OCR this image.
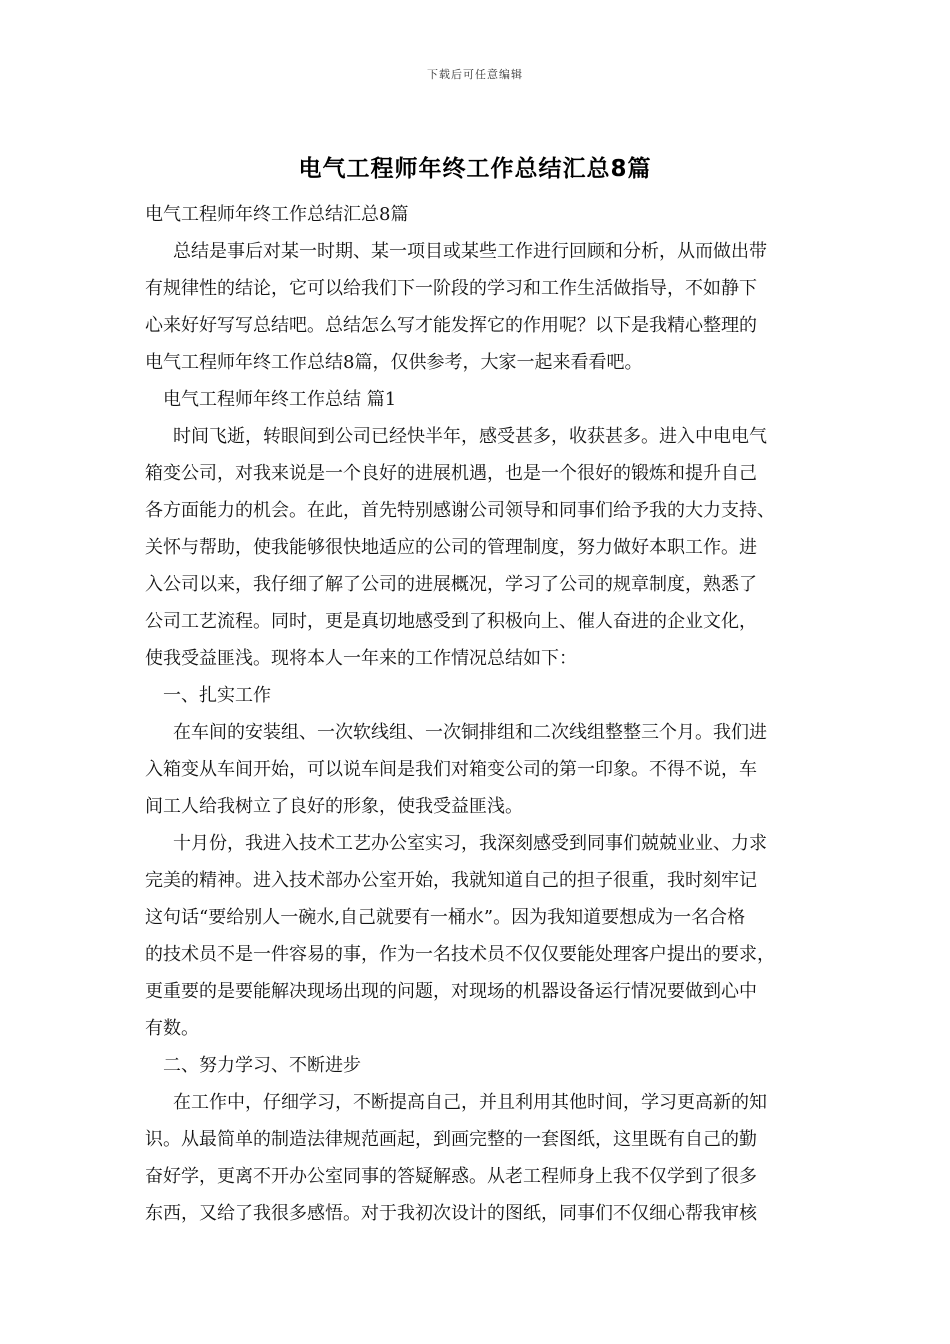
下载后可任意编辑
电气工程师年终工作总结汇总8篇
电气工程师年终工作总结汇总8篇
总结是事后对某一时期、某一项目或某些工作进行回顾和分析，从而做出带
有规律性的结论，它可以给我们下一阶段的学习和工作生活做指导，不如静下
心来好好写写总结吧。总结怎么写才能发挥它的作用呢？以下是我精心整理的
电气工程师年终工作总结8篇，仅供参考，大家一起来看看吧。
电气工程师年终工作总结 篇1
时间飞逝，转眼间到公司已经快半年，感受甚多，收获甚多。进入中电电气
箱变公司，对我来说是一个良好的进展机遇，也是一个很好的锻炼和提升自己
各方面能力的机会。在此，首先特别感谢公司领导和同事们给予我的大力支持、
关怀与帮助，使我能够很快地适应的公司的管理制度，努力做好本职工作。进
入公司以来，我仔细了解了公司的进展概况，学习了公司的规章制度，熟悉了
公司工艺流程。同时，更是真切地感受到了积极向上、催人奋进的企业文化，
使我受益匪浅。现将本人一年来的工作情况总结如下：
一、扎实工作
在车间的安装组、一次软线组、一次铜排组和二次线组整整三个月。我们进
入箱变从车间开始，可以说车间是我们对箱变公司的第一印象。不得不说，车
间工人给我树立了良好的形象，使我受益匪浅。
十月份，我进入技术工艺办公室实习，我深刻感受到同事们兢兢业业、力求
完美的精神。进入技术部办公室开始，我就知道自己的担子很重，我时刻牢记
这句话“要给别人一碗水,自己就要有一桶水”。因为我知道要想成为一名合格
的技术员不是一件容易的事，作为一名技术员不仅仅要能处理客户提出的要求，
更重要的是要能解决现场出现的问题，对现场的机器设备运行情况要做到心中
有数。
二、努力学习、不断进步
在工作中，仔细学习，不断提高自己，并且利用其他时间，学习更高新的知
识。从最简单的制造法律规范画起，到画完整的一套图纸，这里既有自己的勤
奋好学，更离不开办公室同事的答疑解惑。从老工程师身上我不仅学到了很多
东西，又给了我很多感悟。对于我初次设计的图纸，同事们不仅细心帮我审核
